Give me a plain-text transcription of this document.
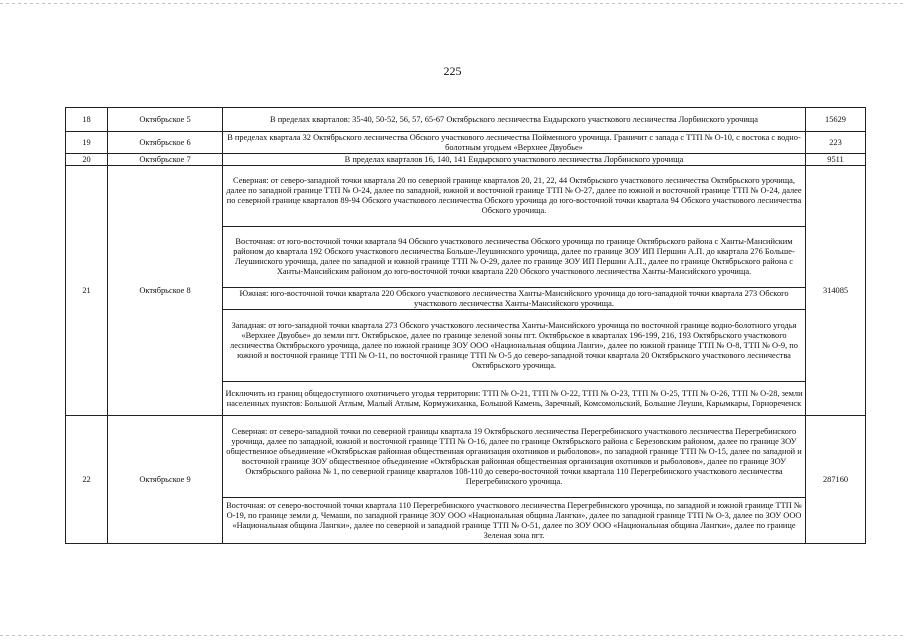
225
18	Октябрьское 5	В пределах кварталов: 35-40, 50-52, 56, 57, 65-67 Октябрьского лесничества Ендырского участкового лесничества Лорбинского урочища	15629
19	Октябрьское 6	В пределах квартала 32 Октябрьского лесничества Обского участкового лесничества Пойменного урочища. Граничит с запада с ТТП № О-10, с востока с водно-болотным угодьем «Верхнее Двуобье»	223
20	Октябрьское 7	В пределах кварталов 16, 140, 141 Ендырского участкового лесничества Лорбинского урочища	9511
21	Октябрьское 8	Северная: от северо-западной точки квартала 20 по северной границе кварталов 20, 21, 22, 44 Октябрьского участкового лесничества Октябрьского урочища, далее по западной границе ТТП № О-24, далее по западной, южной и восточной границе ТТП № О-27, далее по южной и восточной границе ТТП № О-24, далее по северной границе кварталов 89-94 Обского участкового лесничества Обского урочища до юго-восточной точки квартала 94 Обского участкового лесничества Обского урочища.	314085
		Восточная: от юго-восточной точки квартала 94 Обского участкового лесничества Обского урочища по границе Октябрьского района с Ханты-Мансийским районом до квартала 192 Обского участкового лесничества Больше-Леушинского урочища, далее по границе ЗОУ ИП Першин А.П. до квартала 276 Больше-Леушинского урочища, далее по западной и южной границе ТТП № О-29, далее по границе ЗОУ ИП Першин А.П., далее по границе Октябрьского района с Ханты-Мансийским районом до юго-восточной точки квартала 220 Обского участкового лесничества Ханты-Мансийского урочища.	
		Южная: юго-восточной точки квартала 220 Обского участкового лесничества Ханты-Мансийского урочища до юго-западной точки квартала 273 Обского участкового лесничества Ханты-Мансийского урочища.	
		Западная: от юго-западной точки квартала 273 Обского участкового лесничества Ханты-Мансийского урочища по восточной границе водно-болотного угодья «Верхнее Двуобье» до земли пгт. Октябрьское, далее по границе зеленой зоны пгт. Октябрьское в кварталах 196-199, 216, 193 Октябрьского участкового лесничества Октябрьского урочища, далее по южной границе ЗОУ ООО «Национальная община Ланги», далее по южной границе ТТП № О-8, ТТП № О-9, по южной и восточной границе ТТП № О-11, по восточной границе ТТП № О-5 до северо-западной точки квартала 20 Октябрьского участкового лесничества Октябрьского урочища.	
		Исключить из границ общедоступного охотничьего угодья территории: ТТП № О-21, ТТП № О-22, ТТП № О-23, ТТП № О-25, ТТП № О-26, ТТП № О-28, земли населенных пунктов: Большой Атлым, Малый Атлым, Кормужиханка, Большой Камень, Заречный, Комсомольский, Большие Леуши, Карымкары, Горнореченск	
22	Октябрьское 9	Северная: от северо-западной точки по северной границы квартала 19 Октябрьского лесничества Перегребинского участкового лесничества Перегребинского урочища, далее по западной, южной и восточной границе ТТП № О-16, далее по границе Октябрьского района с Березовским районом, далее по границе ЗОУ общественное объединение «Октябрьская районная общественная организация охотников и рыболовов», по западной границе ТТП № О-15, далее по западной и восточной границе ЗОУ общественное объединение «Октябрьская районная общественная организация охотников и рыболовов», далее по границе ЗОУ Октябрьского района № 1, по северной границе кварталов 108-110 до северо-восточной точки квартала 110 Перегребинского участкового лесничества Перегребинского урочища.	287160
		Восточная: от северо-восточной точки квартала 110 Перегребинского участкового лесничества Перегребинского урочища, по западной и южной границе ТТП № О-19, по границе земли д. Чемаши, по западной границе ЗОУ ООО «Национальная община Лангки», далее по западной границе ТТП № О-3, далее по ЗОУ ООО «Национальная община Лангки», далее по северной и западной границе ТТП № О-51, далее по ЗОУ ООО «Национальная община Лангки», далее по границе Зеленая зона пгт.	
